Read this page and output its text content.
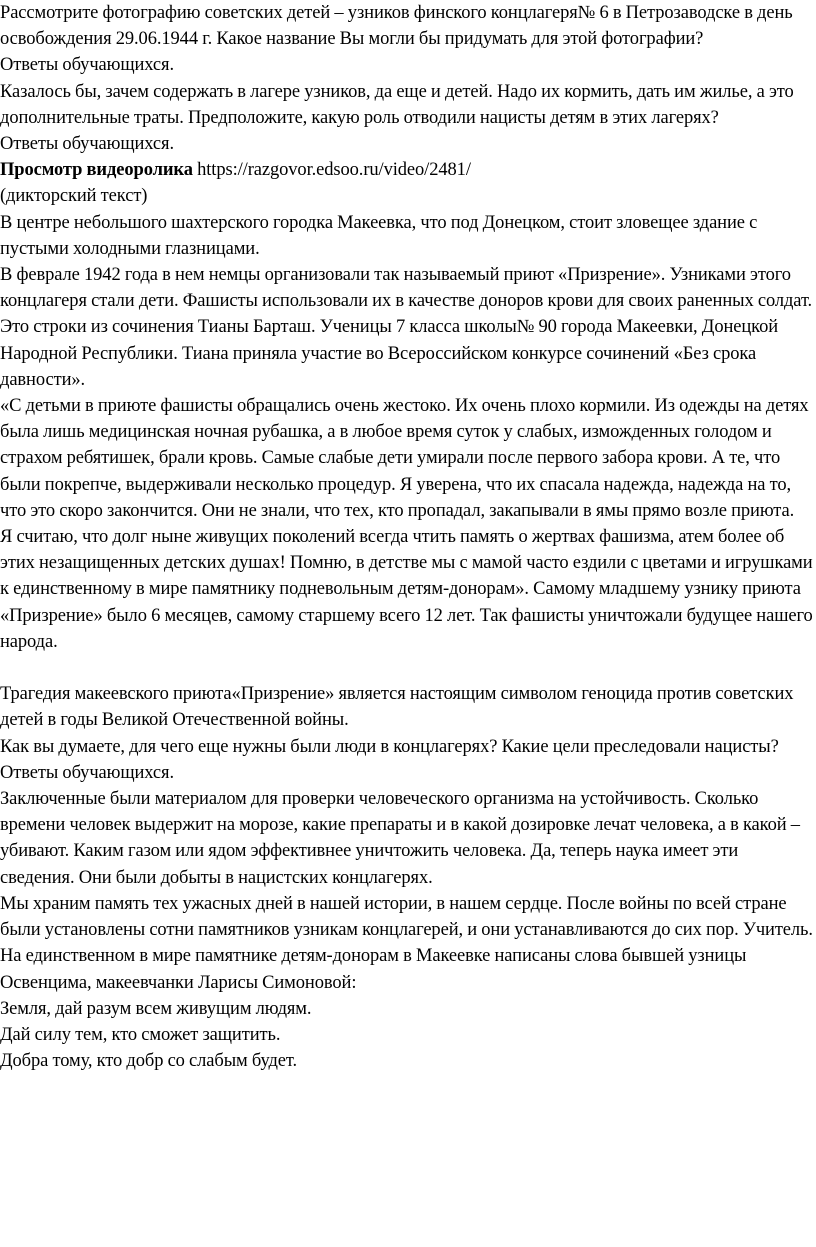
Рассмотрите фотографию советских детей – узников финского концлагеря№ 6 в Петрозаводске в день освобождения 29.06.1944 г. Какое название Вы могли бы придумать для этой фотографии?

Ответы обучающихся.

Казалось бы, зачем содержать в лагере узников, да еще и детей. Надо их кормить, дать им жилье, а это дополнительные траты. Предположите, какую роль отводили нацисты детям в этих лагерях?

Ответы обучающихся.

Просмотр видеоролика https://razgovor.edsoo.ru/video/2481/

(дикторский текст)

В центре небольшого шахтерского городка Макеевка, что под Донецком, стоит зловещее здание с пустыми холодными глазницами.

В феврале 1942 года в нем немцы организовали так называемый приют «Призрение». Узниками этого концлагеря стали дети. Фашисты использовали их в качестве доноров крови для своих раненных солдат.

Это строки из сочинения Тианы Барташ. Ученицы 7 класса школы№ 90 города Макеевки, Донецкой Народной Республики. Тиана приняла участие во Всероссийском конкурсе сочинений «Без срока давности».

«С детьми в приюте фашисты обращались очень жестоко. Их очень плохо кормили. Из одежды на детях была лишь медицинская ночная рубашка, а в любое время суток у слабых, изможденных голодом и страхом ребятишек, брали кровь. Самые слабые дети умирали после первого забора крови. А те, что были покрепче, выдерживали несколько процедур. Я уверена, что их спасала надежда, надежда на то, что это скоро закончится. Они не знали, что тех, кто пропадал, закапывали в ямы прямо возле приюта.

Я считаю, что долг ныне живущих поколений всегда чтить память о жертвах фашизма, атем более об этих незащищенных детских душах! Помню, в детстве мы с мамой часто ездили с цветами и игрушками к единственному в мире памятнику подневольным детям-донорам». Самому младшему узнику приюта «Призрение» было 6 месяцев, самому старшему всего 12 лет. Так фашисты уничтожали будущее нашего народа.

Трагедия макеевского приюта«Призрение» является настоящим символом геноцида против советских детей в годы Великой Отечественной войны.

Как вы думаете, для чего еще нужны были люди в концлагерях? Какие цели преследовали нацисты?

Ответы обучающихся.

Заключенные были материалом для проверки человеческого организма на устойчивость. Сколько времени человек выдержит на морозе, какие препараты и в какой дозировке лечат человека, а в какой – убивают. Каким газом или ядом эффективнее уничтожить человека. Да, теперь наука имеет эти сведения. Они были добыты в нацистских концлагерях.

Мы храним память тех ужасных дней в нашей истории, в нашем сердце. После войны по всей стране были установлены сотни памятников узникам концлагерей, и они устанавливаются до сих пор. Учитель.

На единственном в мире памятнике детям-донорам в Макеевке написаны слова бывшей узницы Освенцима, макеевчанки Ларисы Симоновой:

Земля, дай разум всем живущим людям.

Дай силу тем, кто сможет защитить.

Добра тому, кто добр со слабым будет.
